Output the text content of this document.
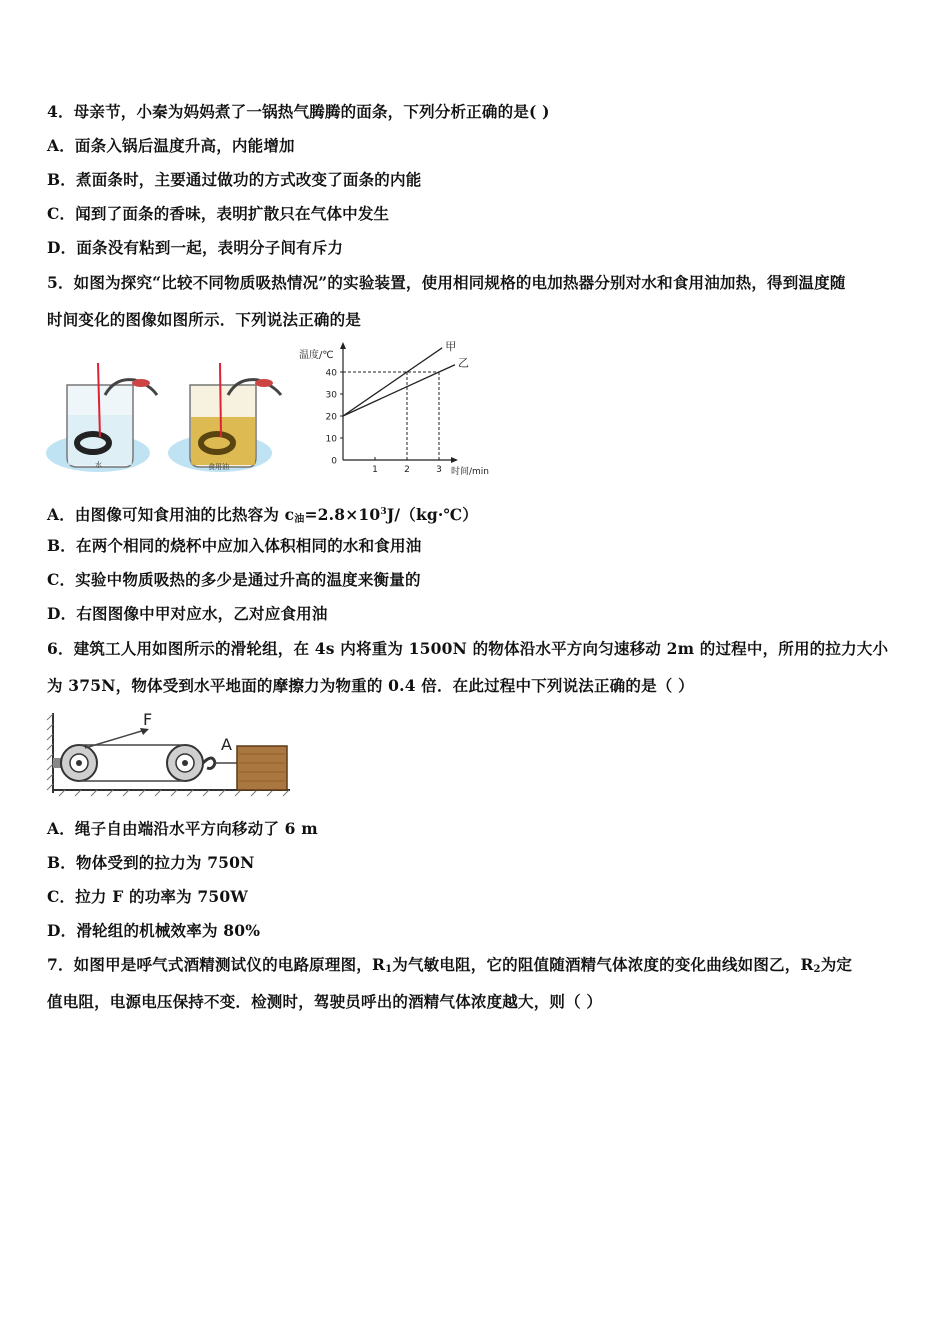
4．母亲节，小秦为妈妈煮了一锅热气腾腾的面条，下列分析正确的是( )
A．面条入锅后温度升高，内能增加
B．煮面条时，主要通过做功的方式改变了面条的内能
C．闻到了面条的香味，表明扩散只在气体中发生
D．面条没有粘到一起，表明分子间有斥力
5．如图为探究“比较不同物质吸热情况”的实验装置，使用相同规格的电加热器分别对水和食用油加热，得到温度随
时间变化的图像如图所示．下列说法正确的是
水	食用油
温度/℃
时间/min
0
10
20
30
40
1	2	3
甲
乙
A．由图像可知食用油的比热容为 $c_油=2.8\times 10^3J/(kg\cdot℃)$
B．在两个相同的烧杯中应加入体积相同的水和食用油
C．实验中物质吸热的多少是通过升高的温度来衡量的
D．右图图像中甲对应水，乙对应食用油
6．建筑工人用如图所示的滑轮组，在 4s 内将重为 1500N 的物体沿水平方向匀速移动 2m 的过程中，所用的拉力大小
为 375N，物体受到水平地面的摩擦力为物重的 0.4 倍．在此过程中下列说法正确的是（ ）
F
A
A．绳子自由端沿水平方向移动了 6 m
B．物体受到的拉力为 750N
C．拉力 F 的功率为 750W
D．滑轮组的机械效率为 80%
7．如图甲是呼气式酒精测试仪的电路原理图，$R_1$为气敏电阻，它的阻值随酒精气体浓度的变化曲线如图乙，$R_2$为定
值电阻，电源电压保持不变．检测时，驾驶员呼出的酒精气体浓度越大，则（ ）
